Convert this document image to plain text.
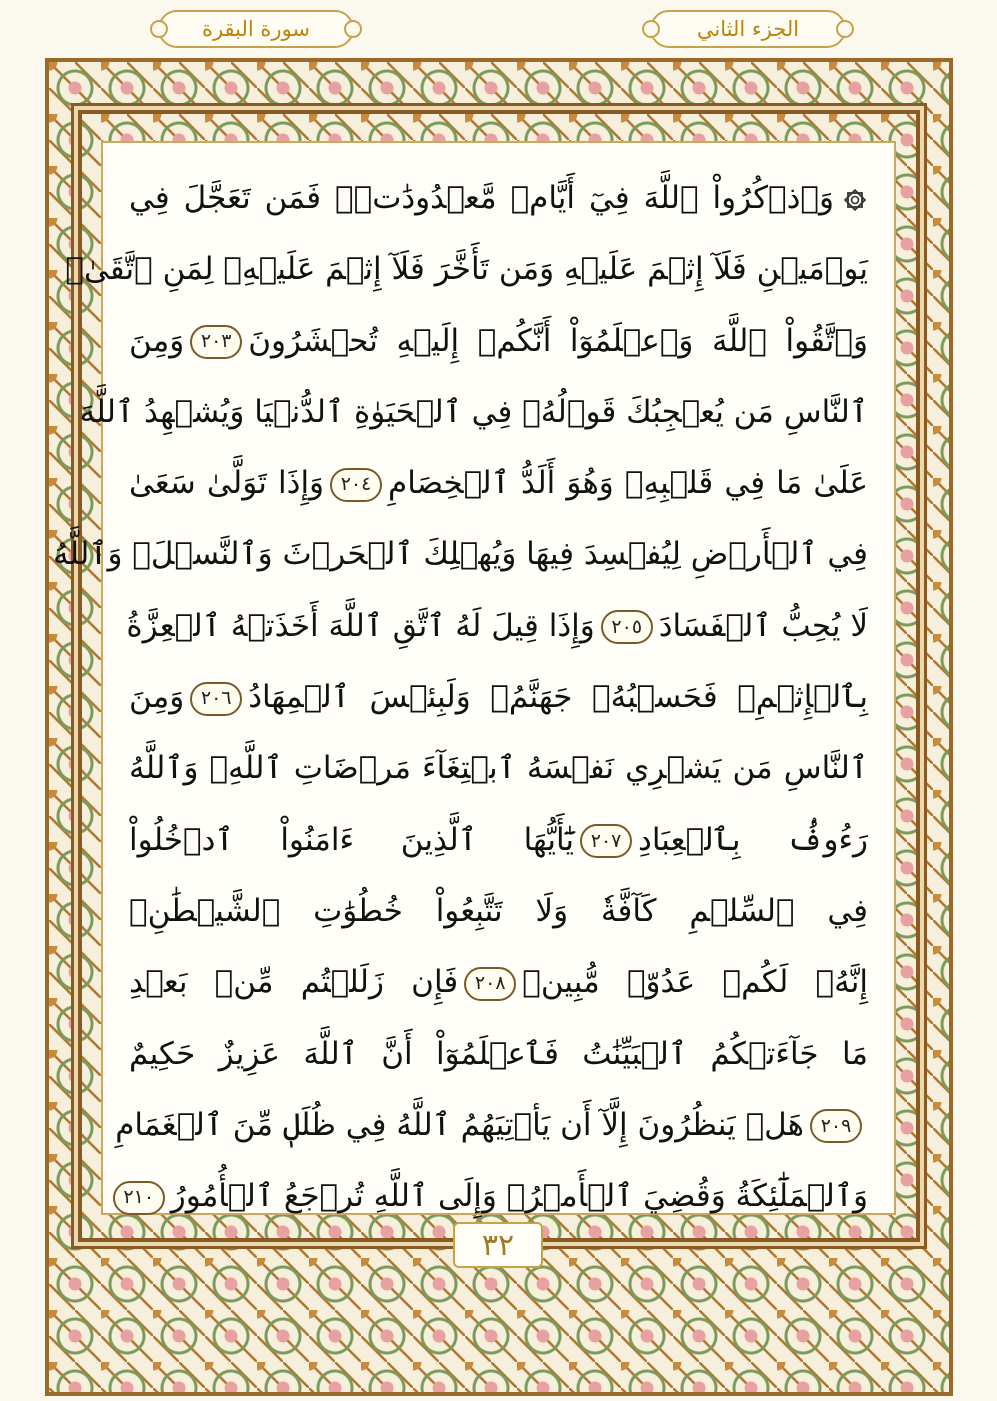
الجزء الثاني
سورة البقرة
وَٱذۡكُرُواْ ٱللَّهَ فِيٓ أَيَّامٖ مَّعۡدُودَٰتٖۚ فَمَن تَعَجَّلَ فِي
يَوۡمَيۡنِ فَلَآ إِثۡمَ عَلَيۡهِ وَمَن تَأَخَّرَ فَلَآ إِثۡمَ عَلَيۡهِۖ لِمَنِ ٱتَّقَىٰۗ
وَٱتَّقُواْ ٱللَّهَ وَٱعۡلَمُوٓاْ أَنَّكُمۡ إِلَيۡهِ تُحۡشَرُونَ٢٠٣وَمِنَ
ٱلنَّاسِ مَن يُعۡجِبُكَ قَوۡلُهُۥ فِي ٱلۡحَيَوٰةِ ٱلدُّنۡيَا وَيُشۡهِدُ ٱللَّهَ
عَلَىٰ مَا فِي قَلۡبِهِۦ وَهُوَ أَلَدُّ ٱلۡخِصَامِ٢٠٤وَإِذَا تَوَلَّىٰ سَعَىٰ
فِي ٱلۡأَرۡضِ لِيُفۡسِدَ فِيهَا وَيُهۡلِكَ ٱلۡحَرۡثَ وَٱلنَّسۡلَۚ وَٱللَّهُ
لَا يُحِبُّ ٱلۡفَسَادَ٢٠٥وَإِذَا قِيلَ لَهُ ٱتَّقِ ٱللَّهَ أَخَذَتۡهُ ٱلۡعِزَّةُ
بِٱلۡإِثۡمِۚ فَحَسۡبُهُۥ جَهَنَّمُۖ وَلَبِئۡسَ ٱلۡمِهَادُ٢٠٦وَمِنَ
ٱلنَّاسِ مَن يَشۡرِي نَفۡسَهُ ٱبۡتِغَآءَ مَرۡضَاتِ ٱللَّهِۚ وَٱللَّهُ
رَءُوفُۢ بِٱلۡعِبَادِ٢٠٧يَٰٓأَيُّهَا ٱلَّذِينَ ءَامَنُواْ ٱدۡخُلُواْ
فِي ٱلسِّلۡمِ كَآفَّةٗ وَلَا تَتَّبِعُواْ خُطُوَٰتِ ٱلشَّيۡطَٰنِۚ
إِنَّهُۥ لَكُمۡ عَدُوّٞ مُّبِينٞ٢٠٨فَإِن زَلَلۡتُم مِّنۢ بَعۡدِ
مَا جَآءَتۡكُمُ ٱلۡبَيِّنَٰتُ فَٱعۡلَمُوٓاْ أَنَّ ٱللَّهَ عَزِيزٌ حَكِيمٌ
٢٠٩هَلۡ يَنظُرُونَ إِلَّآ أَن يَأۡتِيَهُمُ ٱللَّهُ فِي ظُلَلٖ مِّنَ ٱلۡغَمَامِ
وَٱلۡمَلَٰٓئِكَةُ وَقُضِيَ ٱلۡأَمۡرُۚ وَإِلَى ٱللَّهِ تُرۡجَعُ ٱلۡأُمُورُ٢١٠
٣٢
